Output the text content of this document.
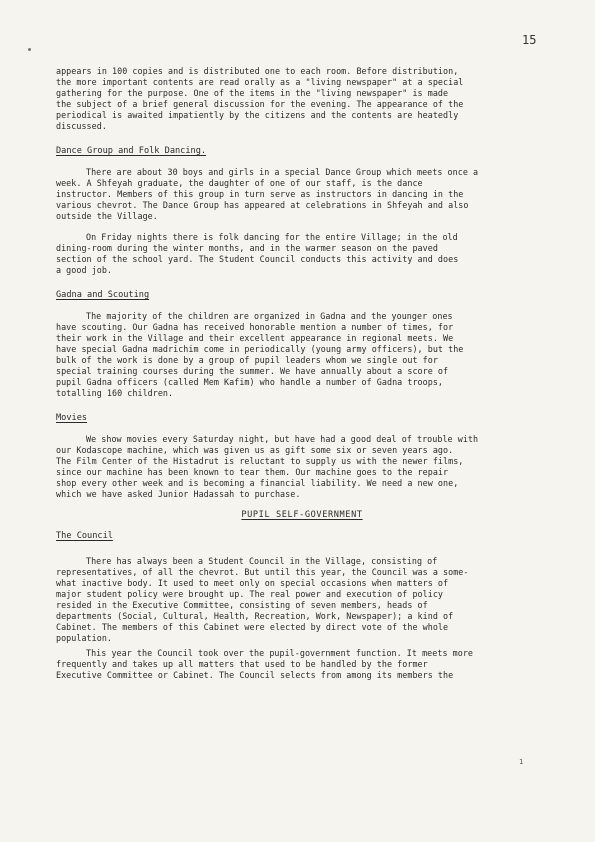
15

appears in 100 copies and is distributed one to each room. Before distribution,
the more important contents are read orally as a "living newspaper" at a special
gathering for the purpose. One of the items in the "living newspaper" is made
the subject of a brief general discussion for the evening. The appearance of the
periodical is awaited impatiently by the citizens and the contents are heatedly
discussed.

Dance Group and Folk Dancing.

There are about 30 boys and girls in a special Dance Group which meets once a
week. A Shfeyah graduate, the daughter of one of our staff, is the dance
instructor. Members of this group in turn serve as instructors in dancing in the
various chevrot. The Dance Group has appeared at celebrations in Shfeyah and also
outside the Village.

On Friday nights there is folk dancing for the entire Village; in the old
dining-room during the winter months, and in the warmer season on the paved
section of the school yard. The Student Council conducts this activity and does
a good job.

Gadna and Scouting

The majority of the children are organized in Gadna and the younger ones
have scouting. Our Gadna has received honorable mention a number of times, for
their work in the Village and their excellent appearance in regional meets. We
have special Gadna madrichim come in periodically (young army officers), but the
bulk of the work is done by a group of pupil leaders whom we single out for
special training courses during the summer. We have annually about a score of
pupil Gadna officers (called Mem Kafim) who handle a number of Gadna troops,
totalling 160 children.

Movies

We show movies every Saturday night, but have had a good deal of trouble with
our Kodascope machine, which was given us as gift some six or seven years ago.
The Film Center of the Histadrut is reluctant to supply us with the newer films,
since our machine has been known to tear them. Our machine goes to the repair
shop every other week and is becoming a financial liability. We need a new one,
which we have asked Junior Hadassah to purchase.

PUPIL SELF-GOVERNMENT
The Council

There has always been a Student Council in the Village, consisting of
representatives, of all the chevrot. But until this year, the Council was a some-
what inactive body. It used to meet only on special occasions when matters of
major student policy were brought up. The real power and execution of policy
resided in the Executive Committee, consisting of seven members, heads of
departments (Social, Cultural, Health, Recreation, Work, Newspaper); a kind of
Cabinet. The members of this Cabinet were elected by direct vote of the whole
population.

This year the Council took over the pupil-government function. It meets more
frequently and takes up all matters that used to be handled by the former
Executive Committee or Cabinet. The Council selects from among its members the

1
